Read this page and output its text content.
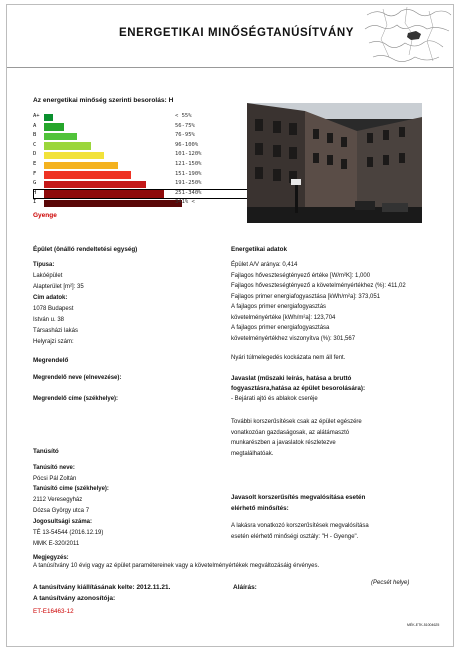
ENERGETIKAI MINŐSÉGTANÚSÍTVÁNY
Az energetikai minőség szerinti besorolás: H
A+	< 55%
A	56-75%
B	76-95%
C	96-100%
D	101-120%
E	121-150%
F	151-190%
G	191-250%
H	251-340%
I	341% <
Gyenge
Épület (önálló rendeltetési egység)
Típusa:
Lakóépület
Alapterület [m²]: 35
Cím adatok:
1078 Budapest
István u. 38
Társasházi lakás
Helyrajzi szám:
Energetikai adatok
Épület A/V aránya: 0,414
Fajlagos hőveszteségtényező értéke [W/m²K]: 1,000
Fajlagos hőveszteségtényező a követelményértékhez (%): 411,02
Fajlagos primer energiafogyasztása [kWh/m²a]: 373,051
A fajlagos primer energiafogyasztás
követelményértéke [kWh/m²a]: 123,704
A fajlagos primer energiafogyasztása
követelményértékhez viszonyítva (%): 301,567
Nyári túlmelegedés kockázata nem áll fent.
Megrendelő
Megrendelő neve (elnevezése):
Megrendelő címe (székhelye):
Javaslat (műszaki leírás, hatása a bruttó
fogyasztásra,hatása az épület besorolására):
- Bejárati ajtó és ablakok cseréje
További korszerűsítések csak az épület egészére
vonatkozóan gazdaságosak, az alátámasztó
munkarészben a javaslatok részletezve
megtalálhatóak.
Tanúsító
Tanúsító neve:
Pócsi Pál Zoltán
Tanúsító címe (székhelye):
2112 Veresegyház
Dózsa György utca 7
Jogosultsági száma:
TÉ 13-54544 (2016.12.19)
MMK E-320/2011
Javasolt korszerűsítés megvalósítása esetén
elérhető minősítés:
A lakásra vonatkozó korszerűsítések megvalósítása
esetén elérhető minőségi osztály: "H - Gyenge".
Megjegyzés:
A tanúsítvány 10 évig vagy az épület paramétereinek vagy a követelményértékek megváltozásáig érvényes.
A tanúsítvány kiállításának kelte: 2012.11.21.	Aláírás:
(Pecsét helye)
A tanúsítvány azonosítója:
ET-E16463-12
MÉK-ETK-51004625
